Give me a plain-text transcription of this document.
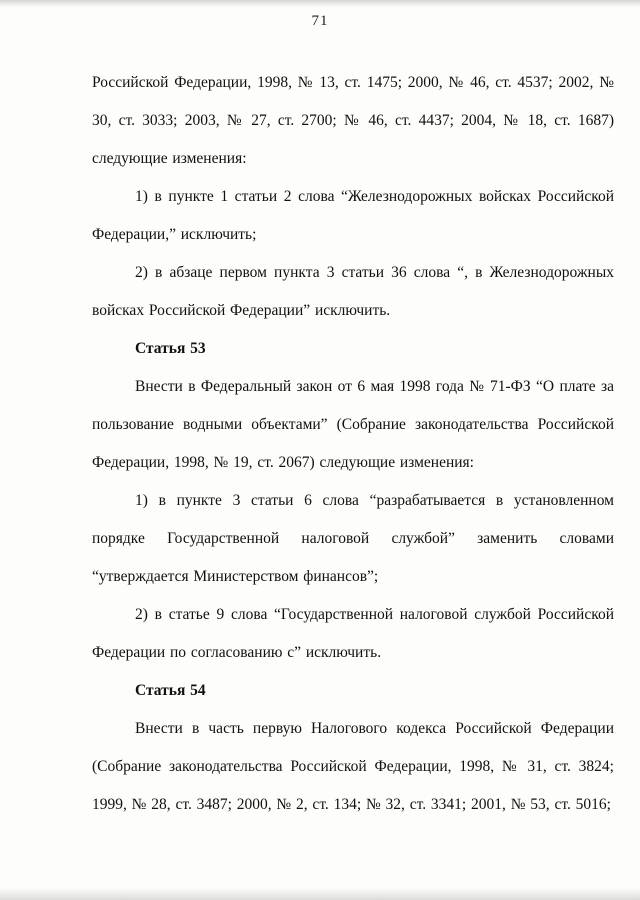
71

Российской Федерации, 1998, № 13, ст. 1475; 2000, № 46, ст. 4537; 2002, № 30, ст. 3033; 2003, № 27, ст. 2700; № 46, ст. 4437; 2004, № 18, ст. 1687) следующие изменения:

1) в пункте 1 статьи 2 слова “Железнодорожных войсках Российской Федерации,” исключить;

2) в абзаце первом пункта 3 статьи 36 слова “, в Железнодорожных войсках Российской Федерации” исключить.

Статья 53

Внести в Федеральный закон от 6 мая 1998 года № 71-ФЗ “О плате за пользование водными объектами” (Собрание законодательства Российской Федерации, 1998, № 19, ст. 2067) следующие изменения:

1) в пункте 3 статьи 6 слова “разрабатывается в установленном порядке Государственной налоговой службой” заменить словами “утверждается Министерством финансов”;

2) в статье 9 слова “Государственной налоговой службой Российской Федерации по согласованию с” исключить.

Статья 54

Внести в часть первую Налогового кодекса Российской Федерации (Собрание законодательства Российской Федерации, 1998, № 31, ст. 3824; 1999, № 28, ст. 3487; 2000, № 2, ст. 134; № 32, ст. 3341; 2001, № 53, ст. 5016;
